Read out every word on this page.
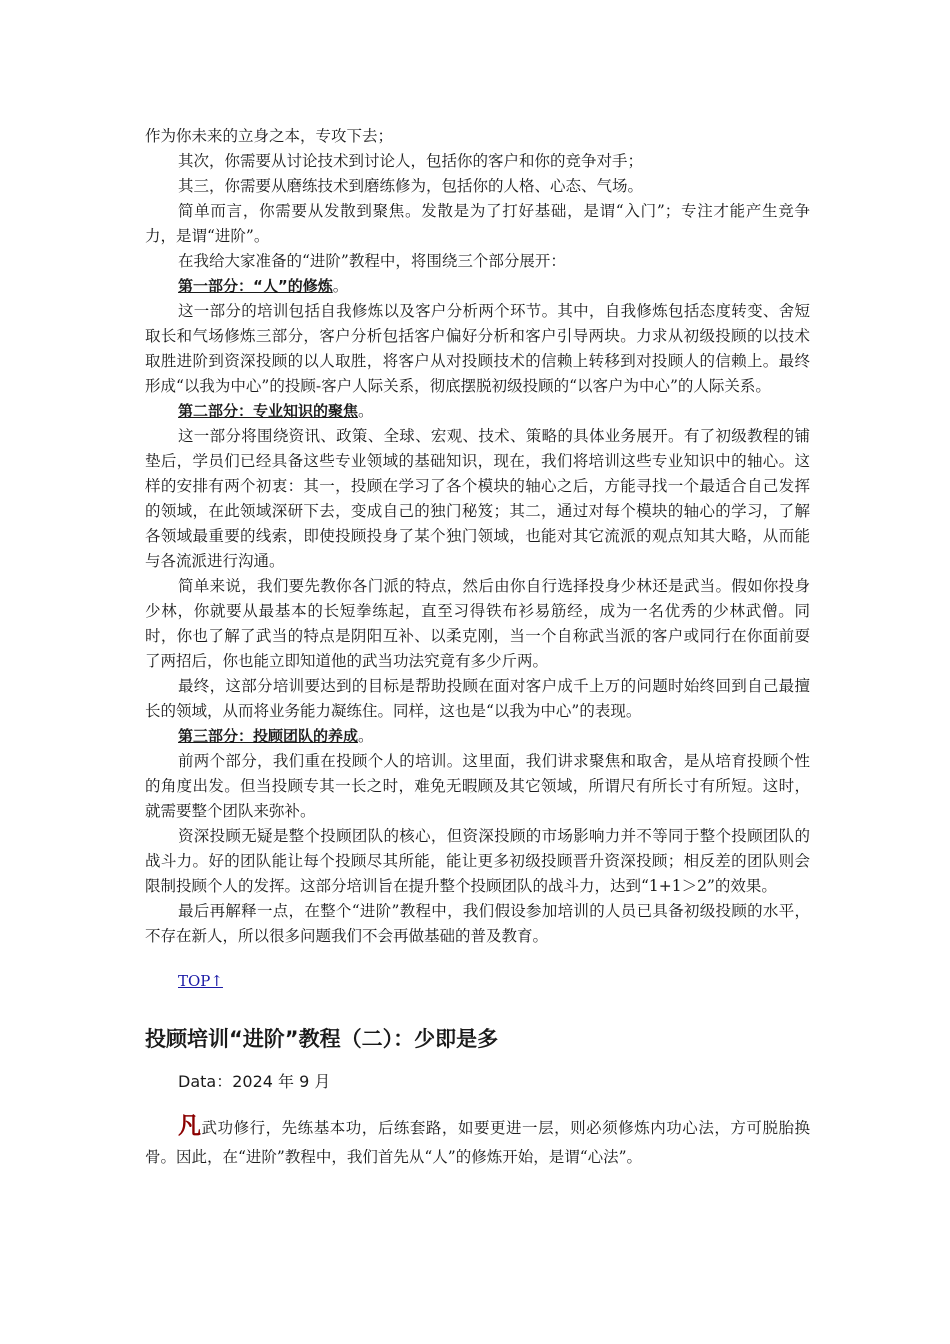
作为你未来的立身之本，专攻下去；

其次，你需要从讨论技术到讨论人，包括你的客户和你的竞争对手；

其三，你需要从磨练技术到磨练修为，包括你的人格、心态、气场。

简单而言，你需要从发散到聚焦。发散是为了打好基础，是谓“入门”；专注才能产生竞争力，是谓“进阶”。

在我给大家准备的“进阶”教程中，将围绕三个部分展开：

第一部分：“人”的修炼。

这一部分的培训包括自我修炼以及客户分析两个环节。其中，自我修炼包括态度转变、舍短取长和气场修炼三部分，客户分析包括客户偏好分析和客户引导两块。力求从初级投顾的以技术取胜进阶到资深投顾的以人取胜，将客户从对投顾技术的信赖上转移到对投顾人的信赖上。最终形成“以我为中心”的投顾-客户人际关系，彻底摆脱初级投顾的“以客户为中心”的人际关系。

第二部分：专业知识的聚焦。

这一部分将围绕资讯、政策、全球、宏观、技术、策略的具体业务展开。有了初级教程的铺垫后，学员们已经具备这些专业领域的基础知识，现在，我们将培训这些专业知识中的轴心。这样的安排有两个初衷：其一，投顾在学习了各个模块的轴心之后，方能寻找一个最适合自己发挥的领域，在此领域深研下去，变成自己的独门秘笈；其二，通过对每个模块的轴心的学习，了解各领域最重要的线索，即使投顾投身了某个独门领域，也能对其它流派的观点知其大略，从而能与各流派进行沟通。

简单来说，我们要先教你各门派的特点，然后由你自行选择投身少林还是武当。假如你投身少林，你就要从最基本的长短拳练起，直至习得铁布衫易筋经，成为一名优秀的少林武僧。同时，你也了解了武当的特点是阴阳互补、以柔克刚，当一个自称武当派的客户或同行在你面前耍了两招后，你也能立即知道他的武当功法究竟有多少斤两。

最终，这部分培训要达到的目标是帮助投顾在面对客户成千上万的问题时始终回到自己最擅长的领域，从而将业务能力凝练住。同样，这也是“以我为中心”的表现。

第三部分：投顾团队的养成。

前两个部分，我们重在投顾个人的培训。这里面，我们讲求聚焦和取舍，是从培育投顾个性的角度出发。但当投顾专其一长之时，难免无暇顾及其它领域，所谓尺有所长寸有所短。这时，就需要整个团队来弥补。

资深投顾无疑是整个投顾团队的核心，但资深投顾的市场影响力并不等同于整个投顾团队的战斗力。好的团队能让每个投顾尽其所能，能让更多初级投顾晋升资深投顾；相反差的团队则会限制投顾个人的发挥。这部分培训旨在提升整个投顾团队的战斗力，达到“1+1＞2”的效果。

最后再解释一点，在整个“进阶”教程中，我们假设参加培训的人员已具备初级投顾的水平，不存在新人，所以很多问题我们不会再做基础的普及教育。

TOP↑
投顾培训“进阶”教程（二）：少即是多
Data：2024 年 9 月

凡武功修行，先练基本功，后练套路，如要更进一层，则必须修炼内功心法，方可脱胎换骨。因此，在“进阶”教程中，我们首先从“人”的修炼开始，是谓“心法”。
